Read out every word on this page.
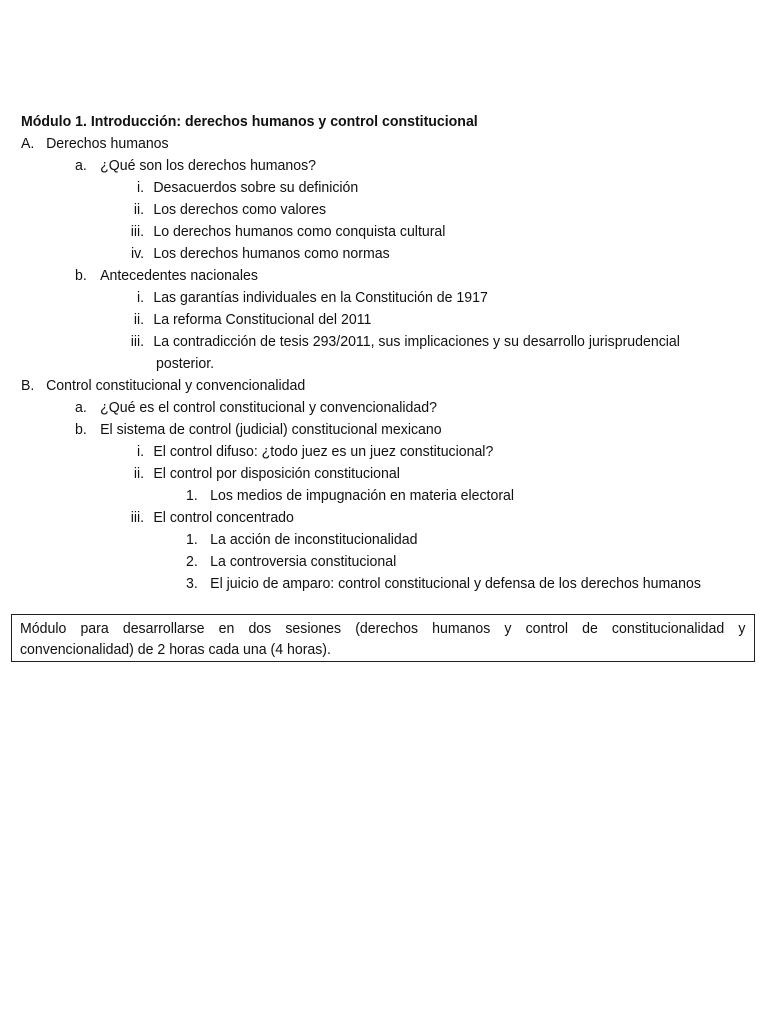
Módulo 1. Introducción: derechos humanos y control constitucional
A. Derechos humanos
a. ¿Qué son los derechos humanos?
i. Desacuerdos sobre su definición
ii. Los derechos como valores
iii. Lo derechos humanos como conquista cultural
iv. Los derechos humanos como normas
b. Antecedentes nacionales
i. Las garantías individuales en la Constitución de 1917
ii. La reforma Constitucional del 2011
iii. La contradicción de tesis 293/2011, sus implicaciones y su desarrollo jurisprudencial
posterior.
B. Control constitucional y convencionalidad
a. ¿Qué es el control constitucional y convencionalidad?
b. El sistema de control (judicial) constitucional mexicano
i. El control difuso: ¿todo juez es un juez constitucional?
ii. El control por disposición constitucional
1. Los medios de impugnación en materia electoral
iii. El control concentrado
1. La acción de inconstitucionalidad
2. La controversia constitucional
3. El juicio de amparo: control constitucional y defensa de los derechos humanos
Módulo para desarrollarse en dos sesiones (derechos humanos y control de constitucionalidad y
convencionalidad) de 2 horas cada una (4 horas).
